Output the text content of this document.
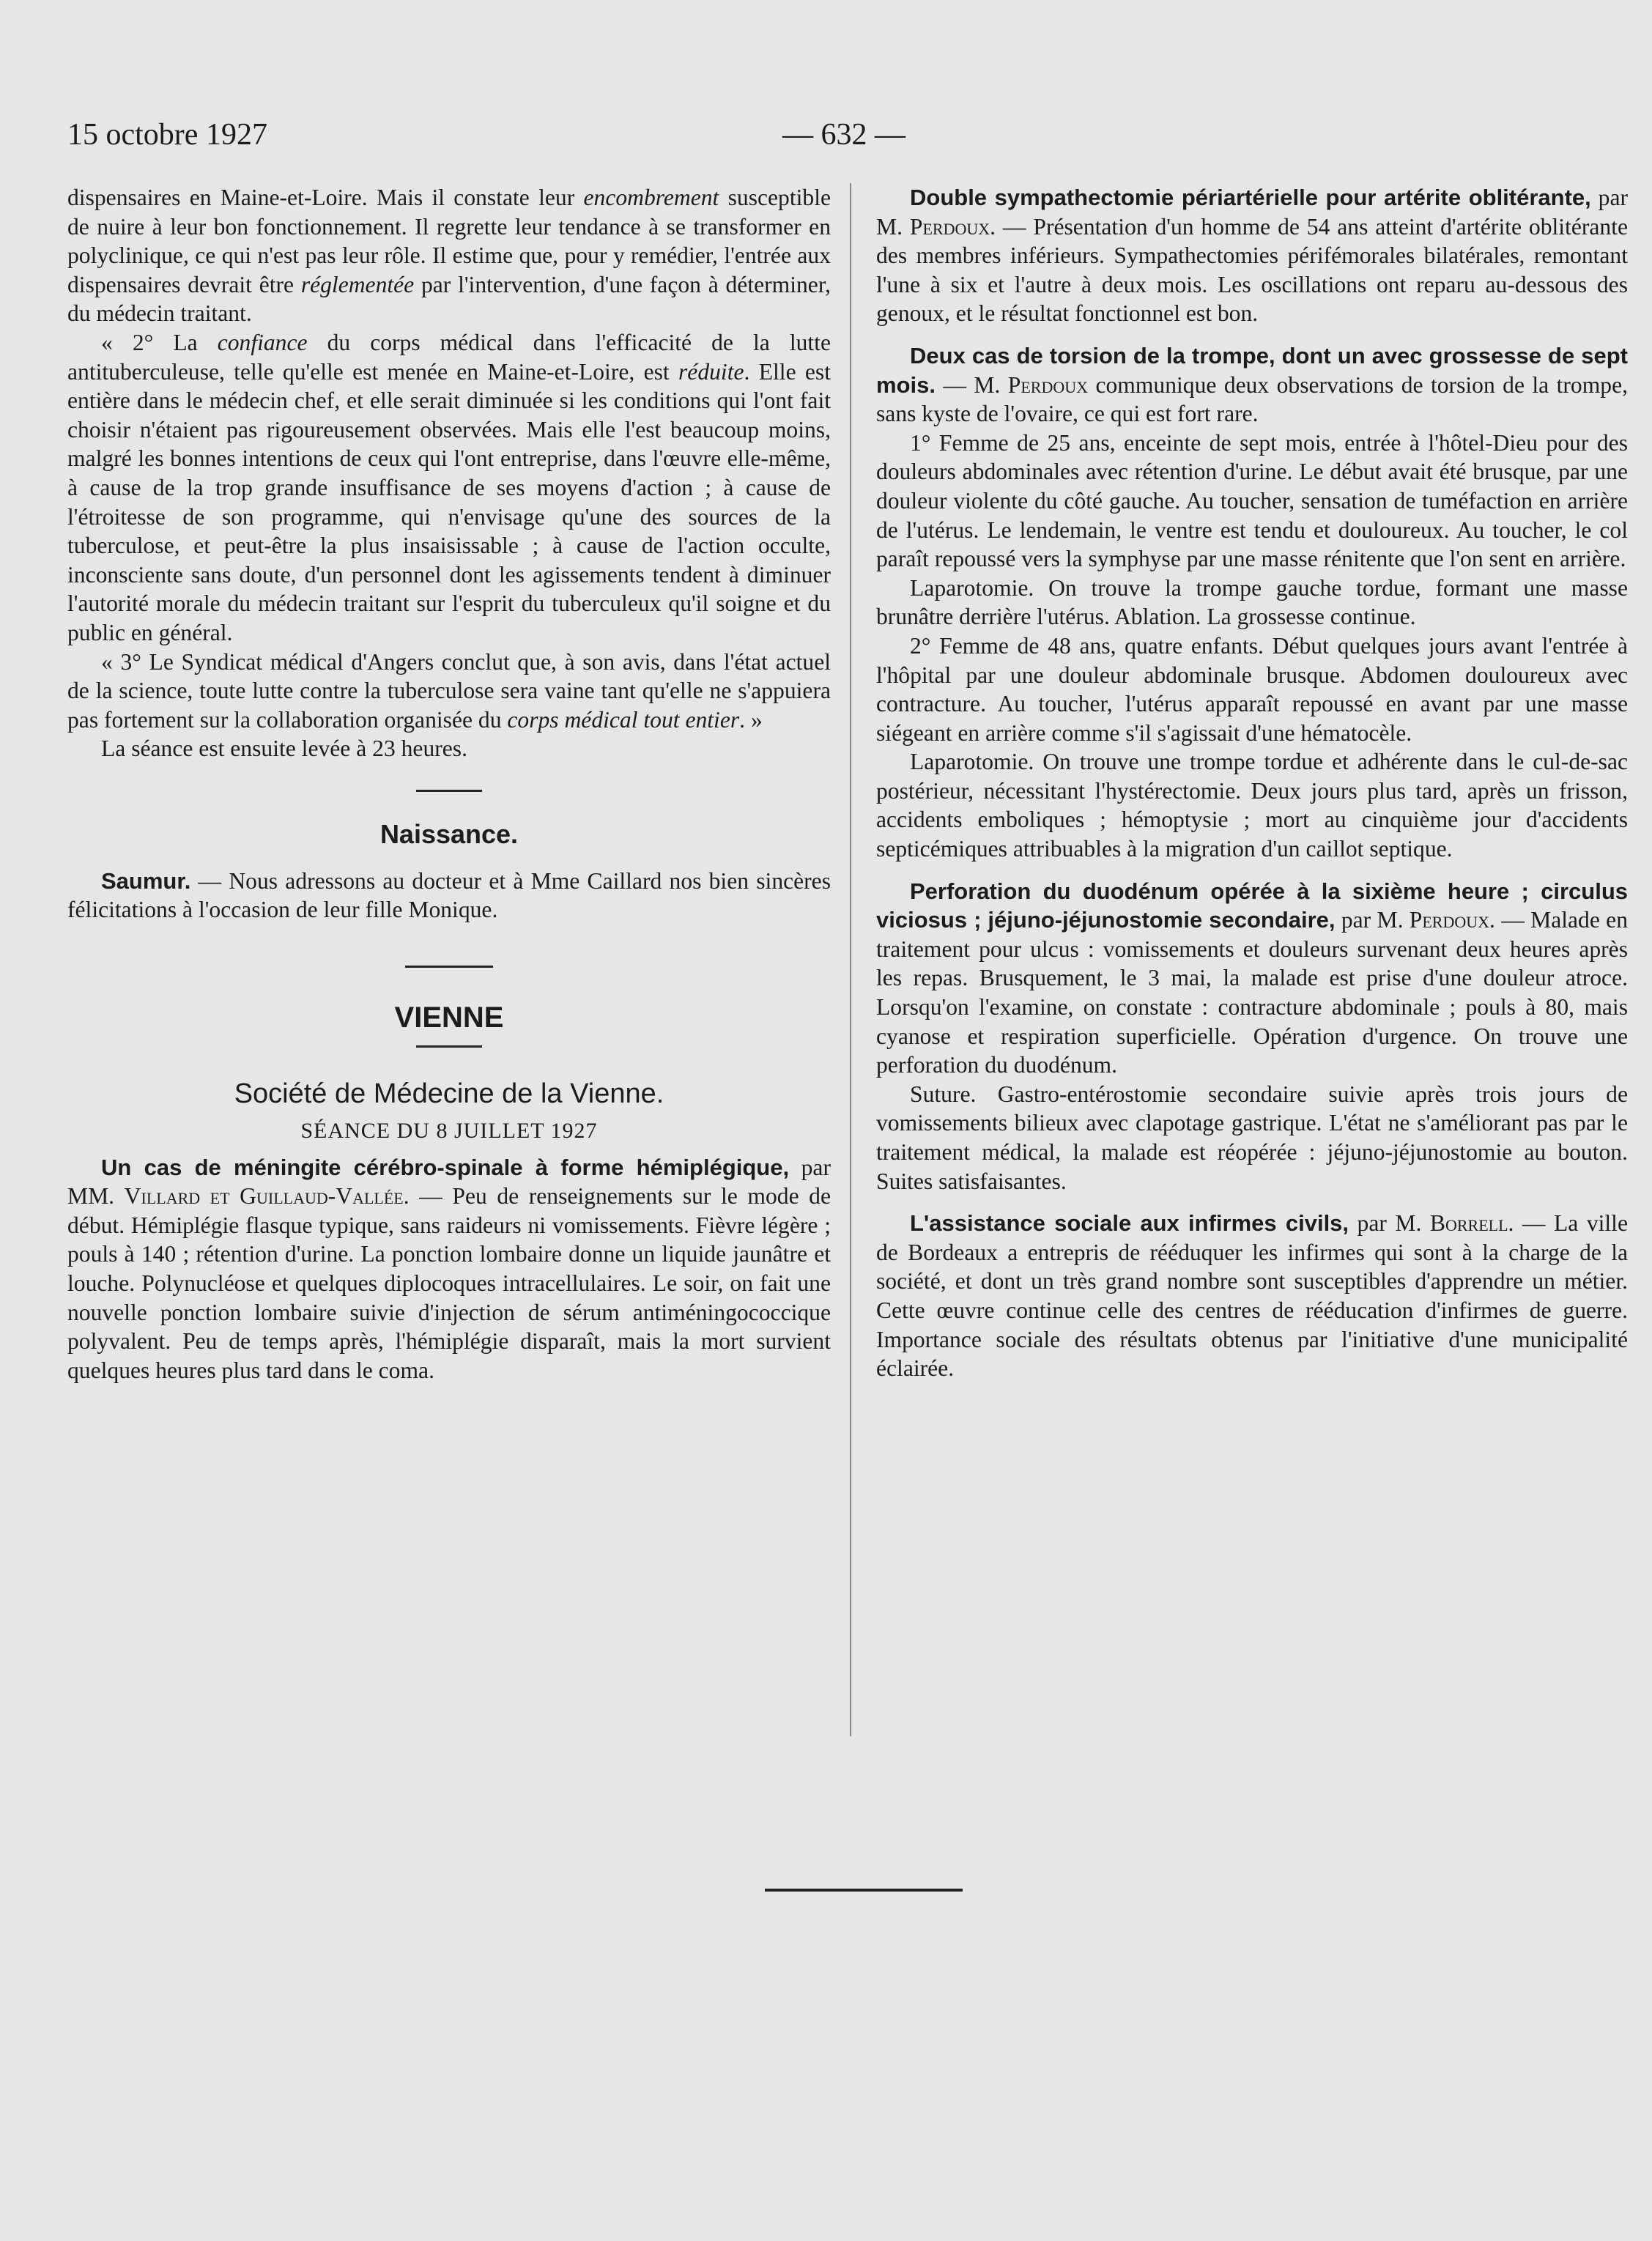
15 octobre 1927	— 632 —

dispensaires en Maine-et-Loire. Mais il constate leur encombrement susceptible de nuire à leur bon fonctionnement. Il regrette leur tendance à se transformer en polyclinique, ce qui n'est pas leur rôle. Il estime que, pour y remédier, l'entrée aux dispensaires devrait être réglementée par l'intervention, d'une façon à déterminer, du médecin traitant.

« 2° La confiance du corps médical dans l'efficacité de la lutte antituberculeuse, telle qu'elle est menée en Maine-et-Loire, est réduite. Elle est entière dans le médecin chef, et elle serait diminuée si les conditions qui l'ont fait choisir n'étaient pas rigoureusement observées. Mais elle l'est beaucoup moins, malgré les bonnes intentions de ceux qui l'ont entreprise, dans l'œuvre elle-même, à cause de la trop grande insuffisance de ses moyens d'action ; à cause de l'étroitesse de son programme, qui n'envisage qu'une des sources de la tuberculose, et peut-être la plus insaisissable ; à cause de l'action occulte, inconsciente sans doute, d'un personnel dont les agissements tendent à diminuer l'autorité morale du médecin traitant sur l'esprit du tuberculeux qu'il soigne et du public en général.

« 3° Le Syndicat médical d'Angers conclut que, à son avis, dans l'état actuel de la science, toute lutte contre la tuberculose sera vaine tant qu'elle ne s'appuiera pas fortement sur la collaboration organisée du corps médical tout entier. »

La séance est ensuite levée à 23 heures.

Naissance.

Saumur. — Nous adressons au docteur et à Mme Caillard nos bien sincères félicitations à l'occasion de leur fille Monique.

VIENNE

Société de Médecine de la Vienne.

SÉANCE DU 8 JUILLET 1927

Un cas de méningite cérébro-spinale à forme hémiplégique, par MM. Villard et Guillaud-Vallée. — Peu de renseignements sur le mode de début. Hémiplégie flasque typique, sans raideurs ni vomissements. Fièvre légère ; pouls à 140 ; rétention d'urine. La ponction lombaire donne un liquide jaunâtre et louche. Polynucléose et quelques diplocoques intracellulaires. Le soir, on fait une nouvelle ponction lombaire suivie d'injection de sérum antiméningococcique polyvalent. Peu de temps après, l'hémiplégie disparaît, mais la mort survient quelques heures plus tard dans le coma.

Double sympathectomie périartérielle pour artérite oblitérante, par M. Perdoux. — Présentation d'un homme de 54 ans atteint d'artérite oblitérante des membres inférieurs. Sympathectomies périfémorales bilatérales, remontant l'une à six et l'autre à deux mois. Les oscillations ont reparu au-dessous des genoux, et le résultat fonctionnel est bon.

Deux cas de torsion de la trompe, dont un avec grossesse de sept mois. — M. Perdoux communique deux observations de torsion de la trompe, sans kyste de l'ovaire, ce qui est fort rare.

1° Femme de 25 ans, enceinte de sept mois, entrée à l'hôtel-Dieu pour des douleurs abdominales avec rétention d'urine. Le début avait été brusque, par une douleur violente du côté gauche. Au toucher, sensation de tuméfaction en arrière de l'utérus. Le lendemain, le ventre est tendu et douloureux. Au toucher, le col paraît repoussé vers la symphyse par une masse rénitente que l'on sent en arrière.

Laparotomie. On trouve la trompe gauche tordue, formant une masse brunâtre derrière l'utérus. Ablation. La grossesse continue.

2° Femme de 48 ans, quatre enfants. Début quelques jours avant l'entrée à l'hôpital par une douleur abdominale brusque. Abdomen douloureux avec contracture. Au toucher, l'utérus apparaît repoussé en avant par une masse siégeant en arrière comme s'il s'agissait d'une hématocèle.

Laparotomie. On trouve une trompe tordue et adhérente dans le cul-de-sac postérieur, nécessitant l'hystérectomie. Deux jours plus tard, après un frisson, accidents emboliques ; hémoptysie ; mort au cinquième jour d'accidents septicémiques attribuables à la migration d'un caillot septique.

Perforation du duodénum opérée à la sixième heure ; circulus viciosus ; jéjuno-jéjunostomie secondaire, par M. Perdoux. — Malade en traitement pour ulcus : vomissements et douleurs survenant deux heures après les repas. Brusquement, le 3 mai, la malade est prise d'une douleur atroce. Lorsqu'on l'examine, on constate : contracture abdominale ; pouls à 80, mais cyanose et respiration superficielle. Opération d'urgence. On trouve une perforation du duodénum.

Suture. Gastro-entérostomie secondaire suivie après trois jours de vomissements bilieux avec clapotage gastrique. L'état ne s'améliorant pas par le traitement médical, la malade est réopérée : jéjuno-jéjunostomie au bouton. Suites satisfaisantes.

L'assistance sociale aux infirmes civils, par M. Borrell. — La ville de Bordeaux a entrepris de rééduquer les infirmes qui sont à la charge de la société, et dont un très grand nombre sont susceptibles d'apprendre un métier. Cette œuvre continue celle des centres de rééducation d'infirmes de guerre. Importance sociale des résultats obtenus par l'initiative d'une municipalité éclairée.
